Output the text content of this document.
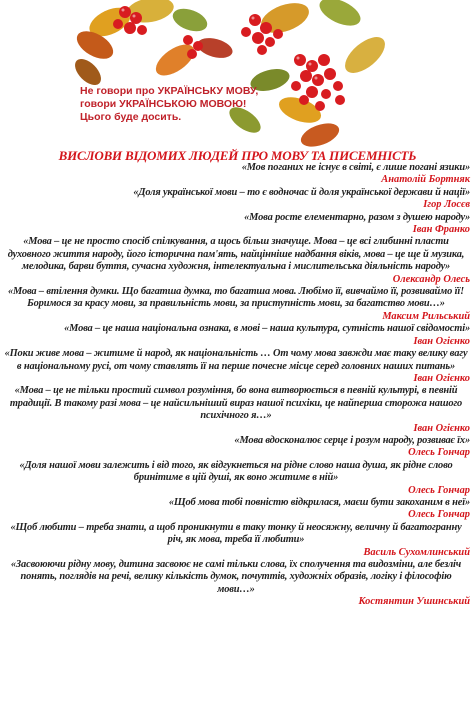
Не говори про УКРАЇНСЬКУ МОВУ, говори УКРАЇНСЬКОЮ МОВОЮ! Цього буде досить.
ВИСЛОВИ ВІДОМИХ ЛЮДЕЙ ПРО МОВУ ТА ПИСЕМНІСТЬ
«Мов поганих не існує в світі, є лише погані язики»
Анатолій Бортняк
«Доля української мови – то є водночас й доля української держави й нації»
Ігор Лосєв
«Мова росте елементарно, разом з душею народу»
Іван Франко
«Мова – це не просто спосіб спілкування, а щось більш значуще. Мова – це всі глибинні пласти духовного життя народу, його історична пам'ять, найцінніше надбання віків, мова – це ще й музика, мелодика, барви буття, сучасна художня, інтелектуальна і мислительська діяльність народу»
Олександр Олесь
«Мова – втілення думки. Що багатша думка, то багатша мова. Любімо її, вивчаймо її, розвиваймо її! Боримося за красу мови, за правильність мови, за приступність мови, за багатство мови…»
Максим Рильський
«Мова – це наша національна ознака, в мові – наша культура, сутність нашої свідомості»
Іван Огієнко
«Поки живе мова – житиме й народ, як національність … От чому мова завжди має таку велику вагу в національному русі, от чому ставлять її на перше почесне місце серед головних наших питань»
Іван Огієнко
«Мова – це не тільки простий символ розуміння, бо вона витворюється в певній культурі, в певній традиції. В такому разі мова – це найсильніший вираз нашої психіки, це найперша сторожа нашого психічного я…»
Іван Огієнко
«Мова вдосконалює серце і розум народу, розвиває їх»
Олесь Гончар
«Доля нашої мови залежить і від того, як відгукнеться на рідне слово наша душа, як рідне слово бринітиме в цій душі, як воно житиме в ній»
Олесь Гончар
«Щоб мова тобі повністю відкрилася, маєш бути закоханим в неї»
Олесь Гончар
«Щоб любити – треба знати, а щоб проникнути в таку тонку й неосяжну, величну й багатогранну річ, як мова, треба її любити»
Василь Сухомлинський
«Засвоюючи рідну мову, дитина засвоює не самі тільки слова, їх сполучення та видозміни, але безліч понять, поглядів на речі, велику кількість думок, почуттів, художніх образів, логіку і філософію мови…»
Костянтин Ушинський
